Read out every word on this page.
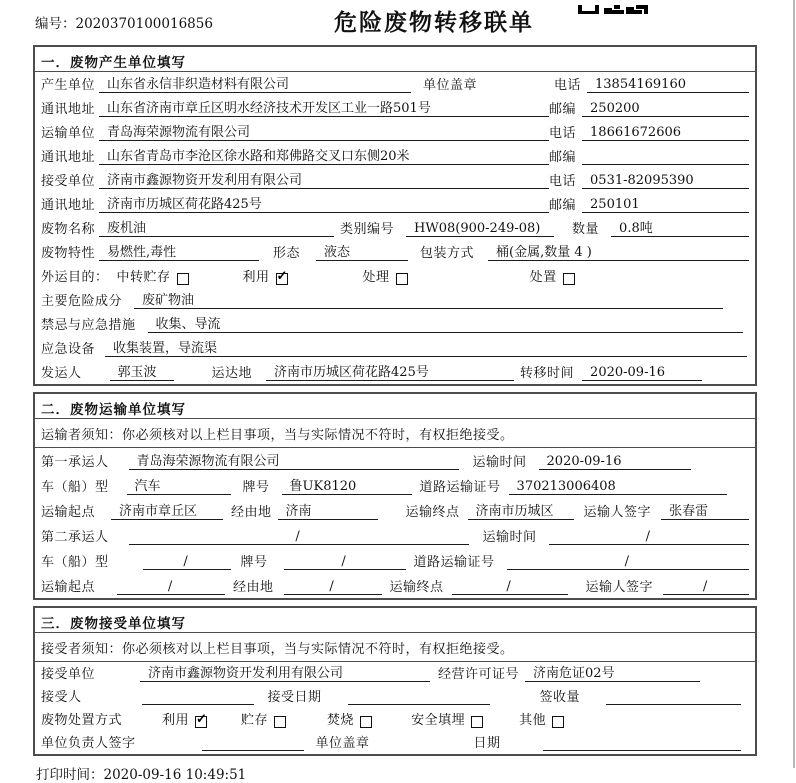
编号：2020370100016856	危险废物转移联单
一．废物产生单位填写
产生单位 山东省永信非织造材料有限公司	单位盖章	电话	13854169160
通讯地址 山东省济南市章丘区明水经济技术开发区工业一路501号	邮编	250200
运输单位 青岛海荣源物流有限公司	电话	18661672606
通讯地址 山东省青岛市李沧区徐水路和郑佛路交叉口东侧20米	邮编
接受单位 济南市鑫源物资开发利用有限公司	电话	0531-82095390
通讯地址 济南市历城区荷花路425号	邮编	250101
废物名称 废机油	类别编号	HW08(900-249-08)	数量	0.8吨
废物特性 易燃性,毒性	形态	液态	包装方式	桶(金属,数量 4 )
外运目的： 中转贮存	利用 ✓	处理	处置
主要危险成分	废矿物油
禁忌与应急措施	收集、导流
应急设备	收集装置，导流渠
发运人	郭玉波	运达地	济南市历城区荷花路425号	转移时间	2020-09-16
二．废物运输单位填写
运输者须知：你必须核对以上栏目事项，当与实际情况不符时，有权拒绝接受。
第一承运人	青岛海荣源物流有限公司	运输时间	2020-09-16
车（船）型	汽车	牌号	鲁UK8120	道路运输证号	370213006408
运输起点	济南市章丘区	经由地	济南	运输终点	济南市历城区	运输人签字	张春雷
第二承运人	/	运输时间	/
车（船）型	/	牌号	/	道路运输证号	/
运输起点	/	经由地	/	运输终点	/	运输人签字	/
三．废物接受单位填写
接受者须知：你必须核对以上栏目事项，当与实际情况不符时，有权拒绝接受。
接受单位	济南市鑫源物资开发利用有限公司	经营许可证号	济南危证02号
接受人	接受日期	签收量
废物处置方式	利用 ✓	贮存	焚烧	安全填埋	其他
单位负责人签字	单位盖章	日期
打印时间：2020-09-16 10:49:51
